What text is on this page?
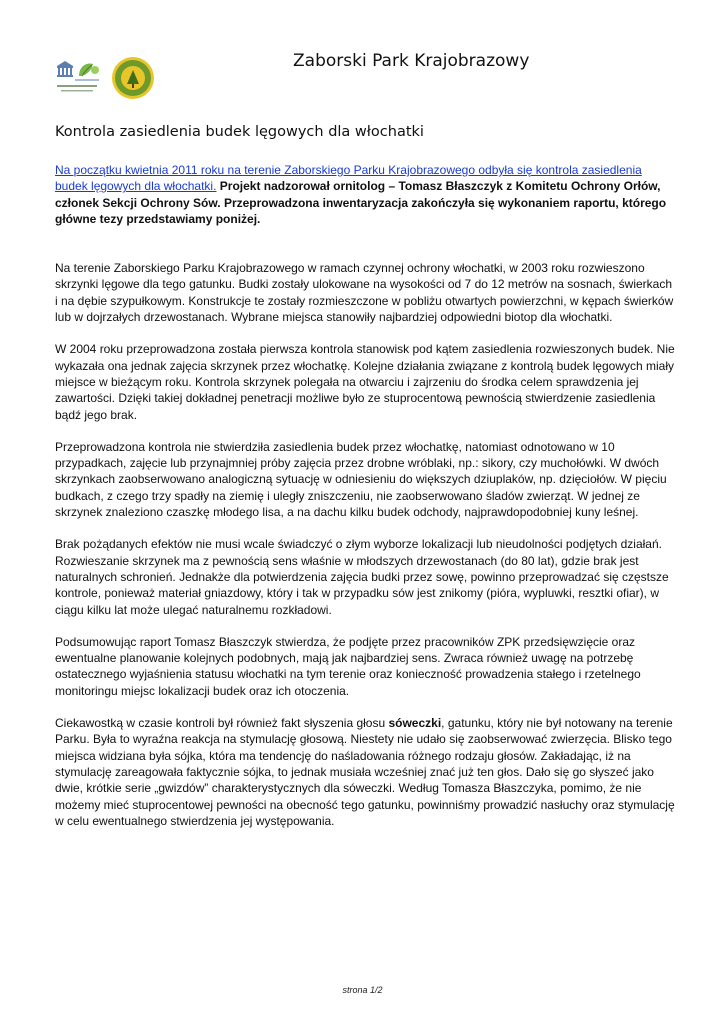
Zaborski Park Krajobrazowy
Kontrola zasiedlenia budek lęgowych dla włochatki

Na początku kwietnia 2011 roku na terenie Zaborskiego Parku Krajobrazowego odbyła się kontrola zasiedlenia budek lęgowych dla włochatki. Projekt nadzorował ornitolog – Tomasz Błaszczyk z Komitetu Ochrony Orłów, członek Sekcji Ochrony Sów. Przeprowadzona inwentaryzacja zakończyła się wykonaniem raportu, którego główne tezy przedstawiamy poniżej.

Na terenie Zaborskiego Parku Krajobrazowego w ramach czynnej ochrony włochatki, w 2003 roku rozwieszono skrzynki lęgowe dla tego gatunku. Budki zostały ulokowane na wysokości od 7 do 12 metrów na sosnach, świerkach i na dębie szypułkowym. Konstrukcje te zostały rozmieszczone w pobliżu otwartych powierzchni, w kępach świerków lub w dojrzałych drzewostanach. Wybrane miejsca stanowiły najbardziej odpowiedni biotop dla włochatki.

W 2004 roku przeprowadzona została pierwsza kontrola stanowisk pod kątem zasiedlenia rozwieszonych budek. Nie wykazała ona jednak zajęcia skrzynek przez włochatkę. Kolejne działania związane z kontrolą budek lęgowych miały miejsce w bieżącym roku. Kontrola skrzynek polegała na otwarciu i zajrzeniu do środka celem sprawdzenia jej zawartości. Dzięki takiej dokładnej penetracji możliwe było ze stuprocentową pewnością stwierdzenie zasiedlenia bądź jego brak.

Przeprowadzona kontrola nie stwierdziła zasiedlenia budek przez włochatkę, natomiast odnotowano w 10 przypadkach, zajęcie lub przynajmniej próby zajęcia przez drobne wróblaki, np.: sikory, czy muchołówki. W dwóch skrzynkach zaobserwowano analogiczną sytuację w odniesieniu do większych dziuplaków, np. dzięciołów. W pięciu budkach, z czego trzy spadły na ziemię i uległy zniszczeniu, nie zaobserwowano śladów zwierząt. W jednej ze skrzynek znaleziono czaszkę młodego lisa, a na dachu kilku budek odchody, najprawdopodobniej kuny leśnej.

Brak pożądanych efektów nie musi wcale świadczyć o złym wyborze lokalizacji lub nieudolności podjętych działań. Rozwieszanie skrzynek ma z pewnością sens właśnie w młodszych drzewostanach (do 80 lat), gdzie brak jest naturalnych schronień. Jednakże dla potwierdzenia zajęcia budki przez sowę, powinno przeprowadzać się częstsze kontrole, ponieważ materiał gniazdowy, który i tak w przypadku sów jest znikomy (pióra, wypluwki, resztki ofiar), w ciągu kilku lat może ulegać naturalnemu rozkładowi.

Podsumowując raport Tomasz Błaszczyk stwierdza, że podjęte przez pracowników ZPK przedsięwzięcie oraz ewentualne planowanie kolejnych podobnych, mają jak najbardziej sens. Zwraca również uwagę na potrzebę ostatecznego wyjaśnienia statusu włochatki na tym terenie oraz konieczność prowadzenia stałego i rzetelnego monitoringu miejsc lokalizacji budek oraz ich otoczenia.

Ciekawostką w czasie kontroli był również fakt słyszenia głosu sóweczki, gatunku, który nie był notowany na terenie Parku. Była to wyraźna reakcja na stymulację głosową. Niestety nie udało się zaobserwować zwierzęcia. Blisko tego miejsca widziana była sójka, która ma tendencję do naśladowania różnego rodzaju głosów. Zakładając, iż na stymulację zareagowała faktycznie sójka, to jednak musiała wcześniej znać już ten głos. Dało się go słyszeć jako dwie, krótkie serie „gwizdów” charakterystycznych dla sóweczki. Według Tomasza Błaszczyka, pomimo, że nie możemy mieć stuprocentowej pewności na obecność tego gatunku, powinniśmy prowadzić nasłuchy oraz stymulację w celu ewentualnego stwierdzenia jej występowania.

strona 1/2
